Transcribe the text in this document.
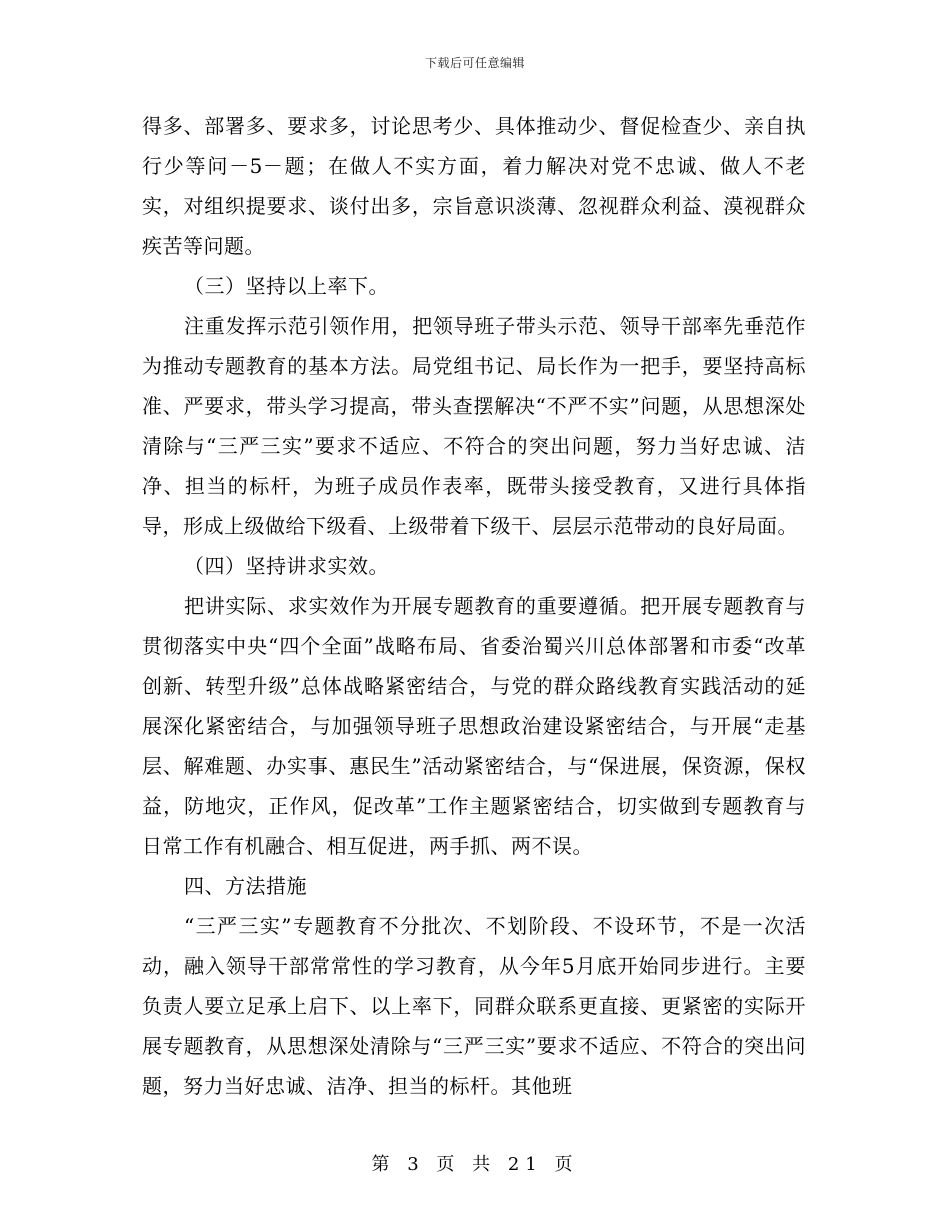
下载后可任意编辑

得多、部署多、要求多，讨论思考少、具体推动少、督促检查少、亲自执行少等问－5－题；在做人不实方面，着力解决对党不忠诚、做人不老实，对组织提要求、谈付出多，宗旨意识淡薄、忽视群众利益、漠视群众疾苦等问题。

（三）坚持以上率下。

注重发挥示范引领作用，把领导班子带头示范、领导干部率先垂范作为推动专题教育的基本方法。局党组书记、局长作为一把手，要坚持高标准、严要求，带头学习提高，带头查摆解决“不严不实”问题，从思想深处清除与“三严三实”要求不适应、不符合的突出问题，努力当好忠诚、洁净、担当的标杆，为班子成员作表率，既带头接受教育，又进行具体指导，形成上级做给下级看、上级带着下级干、层层示范带动的良好局面。

（四）坚持讲求实效。

把讲实际、求实效作为开展专题教育的重要遵循。把开展专题教育与贯彻落实中央“四个全面”战略布局、省委治蜀兴川总体部署和市委“改革创新、转型升级”总体战略紧密结合，与党的群众路线教育实践活动的延展深化紧密结合，与加强领导班子思想政治建设紧密结合，与开展“走基层、解难题、办实事、惠民生”活动紧密结合，与“保进展，保资源，保权益，防地灾，正作风，促改革”工作主题紧密结合，切实做到专题教育与日常工作有机融合、相互促进，两手抓、两不误。

四、方法措施

“三严三实”专题教育不分批次、不划阶段、不设环节，不是一次活动，融入领导干部常常性的学习教育，从今年5月底开始同步进行。主要负责人要立足承上启下、以上率下，同群众联系更直接、更紧密的实际开展专题教育，从思想深处清除与“三严三实”要求不适应、不符合的突出问题，努力当好忠诚、洁净、担当的标杆。其他班

第 3 页 共 21 页
